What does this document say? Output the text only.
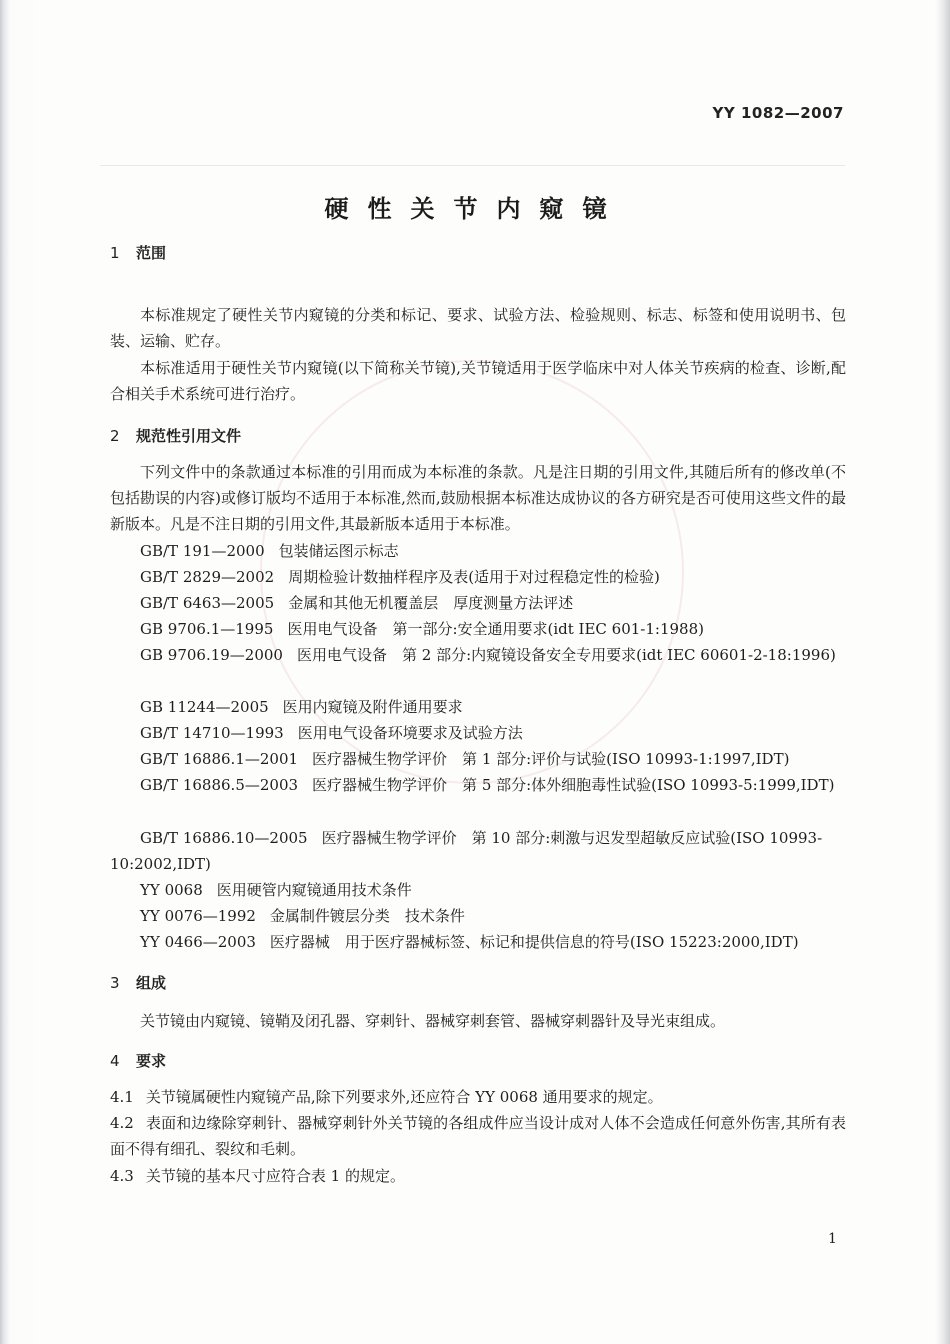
YY 1082—2007
硬性关节内窥镜
1 范围
本标准规定了硬性关节内窥镜的分类和标记、要求、试验方法、检验规则、标志、标签和使用说明书、包装、运输、贮存。
本标准适用于硬性关节内窥镜(以下简称关节镜),关节镜适用于医学临床中对人体关节疾病的检查、诊断,配合相关手术系统可进行治疗。
2 规范性引用文件
下列文件中的条款通过本标准的引用而成为本标准的条款。凡是注日期的引用文件,其随后所有的修改单(不包括勘误的内容)或修订版均不适用于本标准,然而,鼓励根据本标准达成协议的各方研究是否可使用这些文件的最新版本。凡是不注日期的引用文件,其最新版本适用于本标准。
GB/T 191—2000 包装储运图示标志
GB/T 2829—2002 周期检验计数抽样程序及表(适用于对过程稳定性的检验)
GB/T 6463—2005 金属和其他无机覆盖层　厚度测量方法评述
GB 9706.1—1995 医用电气设备　第一部分:安全通用要求(idt IEC 601-1:1988)
GB 9706.19—2000 医用电气设备　第 2 部分:内窥镜设备安全专用要求(idt IEC 60601-2-18:1996)
GB 11244—2005 医用内窥镜及附件通用要求
GB/T 14710—1993 医用电气设备环境要求及试验方法
GB/T 16886.1—2001 医疗器械生物学评价　第 1 部分:评价与试验(ISO 10993-1:1997,IDT)
GB/T 16886.5—2003 医疗器械生物学评价　第 5 部分:体外细胞毒性试验(ISO 10993-5:1999,IDT)
GB/T 16886.10—2005 医疗器械生物学评价　第 10 部分:刺激与迟发型超敏反应试验(ISO 10993-10:2002,IDT)
YY 0068 医用硬管内窥镜通用技术条件
YY 0076—1992 金属制件镀层分类　技术条件
YY 0466—2003 医疗器械　用于医疗器械标签、标记和提供信息的符号(ISO 15223:2000,IDT)
3 组成
关节镜由内窥镜、镜鞘及闭孔器、穿刺针、器械穿刺套管、器械穿刺器针及导光束组成。
4 要求
4.1 关节镜属硬性内窥镜产品,除下列要求外,还应符合 YY 0068 通用要求的规定。
4.2 表面和边缘除穿刺针、器械穿刺针外关节镜的各组成件应当设计成对人体不会造成任何意外伤害,其所有表面不得有细孔、裂纹和毛刺。
4.3 关节镜的基本尺寸应符合表 1 的规定。
1
